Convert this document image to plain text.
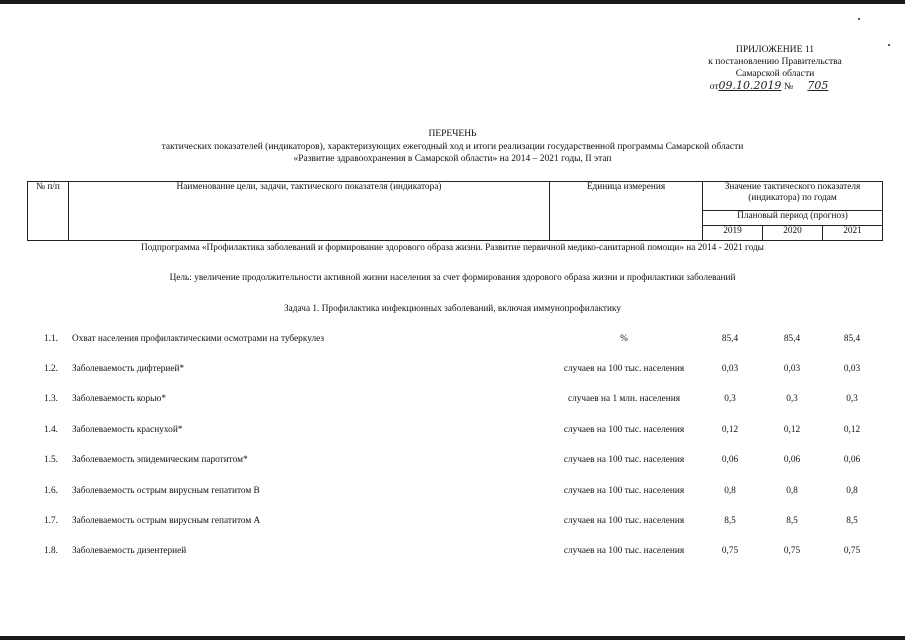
ПРИЛОЖЕНИЕ 11
к постановлению Правительства
Самарской области
от09.10.2019 № 705
ПЕРЕЧЕНЬ
тактических показателей (индикаторов), характеризующих ежегодный ход и итоги реализации государственной программы Самарской области
«Развитие здравоохранения в Самарской области» на 2014 – 2021 годы, II этап
№ п/п	Наименование цели, задачи, тактического показателя (индикатора)	Единица измерения	Значение тактического показателя (индикатора) по годам		
			Плановый период (прогноз)		
			2019	2020	2021
Подпрограмма «Профилактика заболеваний и формирование здорового образа жизни. Развитие первичной медико-санитарной помощи» на 2014 - 2021 годы
Цель: увеличение продолжительности активной жизни населения за счет формирования здорового образа жизни и профилактики заболеваний
Задача 1. Профилактика инфекционных заболеваний, включая иммунопрофилактику
1.1. Охват населения профилактическими осмотрами на туберкулез	%	85,4	85,4	85,4
1.2. Заболеваемость дифтерией*	случаев на 100 тыс. населения	0,03	0,03	0,03
1.3. Заболеваемость корью*	случаев на 1 млн. населения	0,3	0,3	0,3
1.4. Заболеваемость краснухой*	случаев на 100 тыс. населения	0,12	0,12	0,12
1.5. Заболеваемость эпидемическим паротитом*	случаев на 100 тыс. населения	0,06	0,06	0,06
1.6. Заболеваемость острым вирусным гепатитом B	случаев на 100 тыс. населения	0,8	0,8	0,8
1.7. Заболеваемость острым вирусным гепатитом A	случаев на 100 тыс. населения	8,5	8,5	8,5
1.8. Заболеваемость дизентерией	случаев на 100 тыс. населения	0,75	0,75	0,75
